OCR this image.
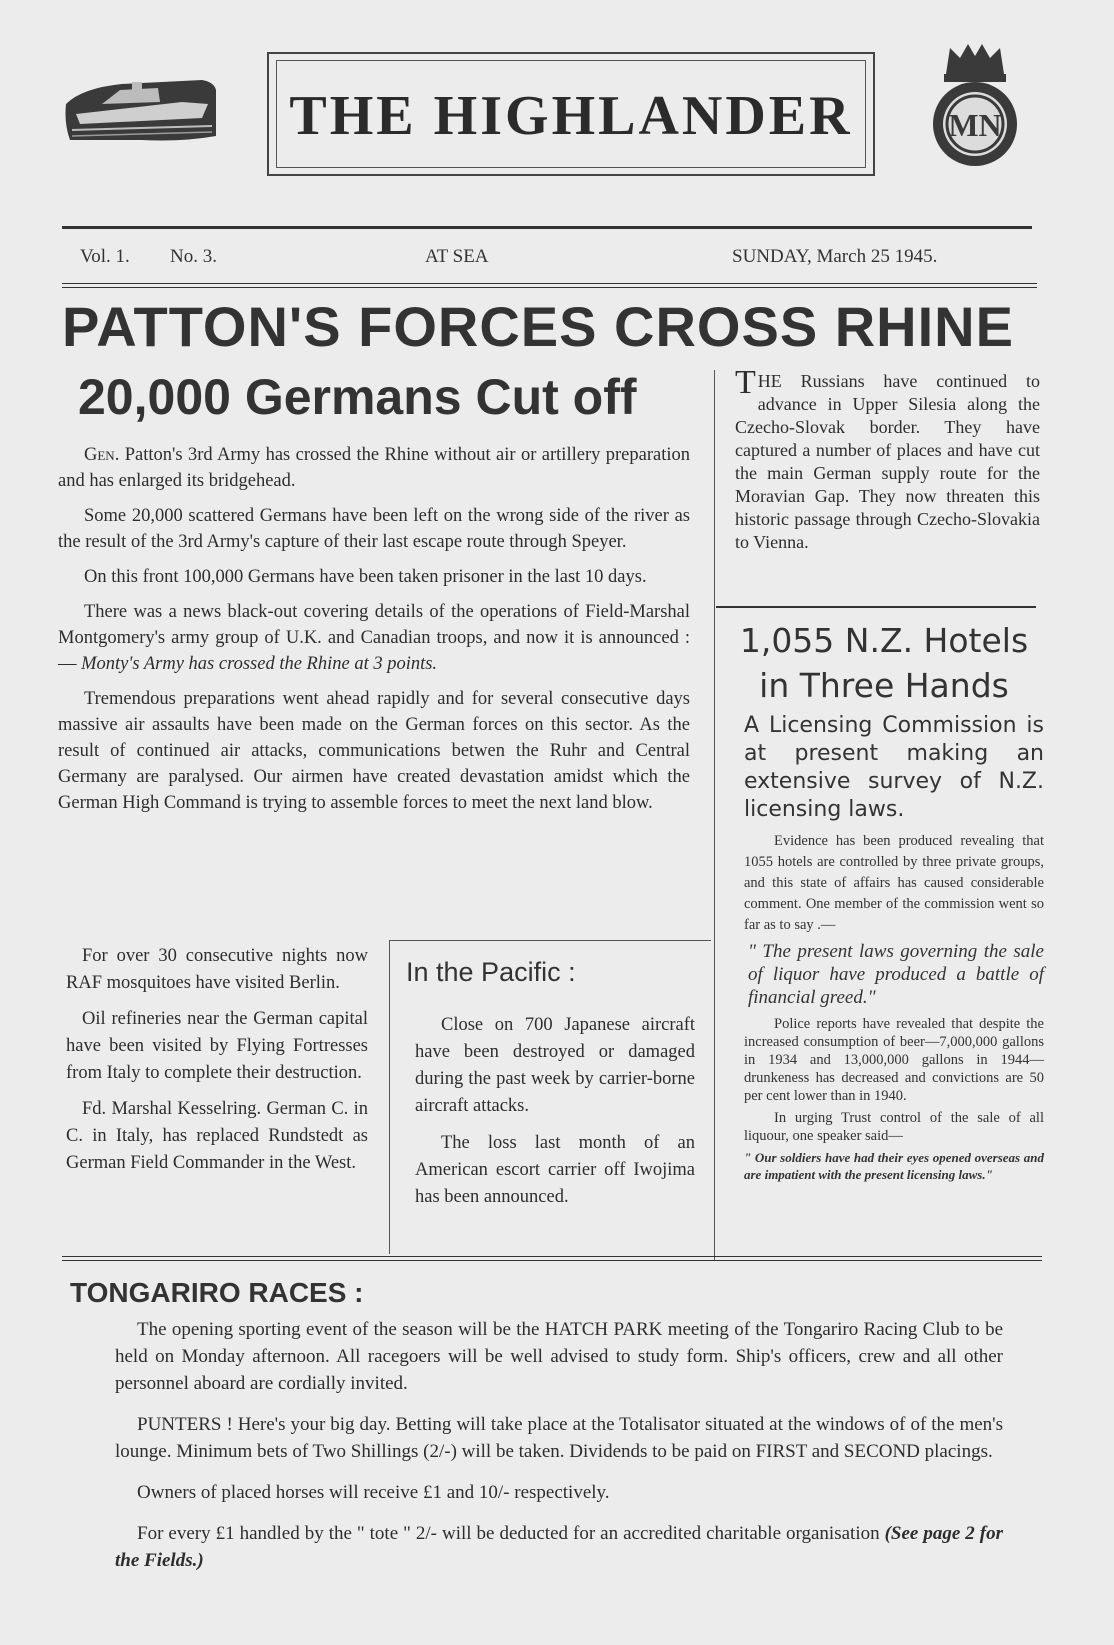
THE HIGHLANDER	MN
Vol. 1. No. 3.	AT SEA	SUNDAY, March 25 1945.
PATTON'S FORCES CROSS RHINE
20,000 Germans Cut off

Gen. Patton's 3rd Army has crossed the Rhine without air or artillery preparation and has enlarged its bridgehead.

Some 20,000 scattered Germans have been left on the wrong side of the river as the result of the 3rd Army's capture of their last escape route through Speyer.

On this front 100,000 Germans have been taken prisoner in the last 10 days.

There was a news black-out covering details of the operations of Field-Marshal Montgomery's army group of U.K. and Canadian troops, and now it is announced :— Monty's Army has crossed the Rhine at 3 points.

Tremendous preparations went ahead rapidly and for several consecutive days massive air assaults have been made on the German forces on this sector. As the result of continued air attacks, communications betwen the Ruhr and Central Germany are paralysed. Our airmen have created devastation amidst which the German High Command is trying to assemble forces to meet the next land blow.

THE Russians have continued to advance in Upper Silesia along the Czecho-Slovak border. They have captured a number of places and have cut the main German supply route for the Moravian Gap. They now threaten this historic passage through Czecho-Slovakia to Vienna.
1,055 N.Z. Hotels
in Three Hands
A Licensing Commission is at present making an extensive survey of N.Z. licensing laws.

Evidence has been produced revealing that 1055 hotels are controlled by three private groups, and this state of affairs has caused considerable comment. One member of the commission went so far as to say .—

" The present laws governing the sale of liquor have produced a battle of financial greed."

Police reports have revealed that despite the increased consumption of beer—7,000,000 gallons in 1934 and 13,000,000 gallons in 1944—drunkeness has decreased and convictions are 50 per cent lower than in 1940.

In urging Trust control of the sale of all liquour, one speaker said—

" Our soldiers have had their eyes opened overseas and are impatient with the present licensing laws."

For over 30 consecutive nights now RAF mosquitoes have visited Berlin.

Oil refineries near the German capital have been visited by Flying Fortresses from Italy to complete their destruction.

Fd. Marshal Kesselring. German C. in C. in Italy, has replaced Rundstedt as German Field Commander in the West.

In the Pacific :

Close on 700 Japanese aircraft have been destroyed or damaged during the past week by carrier-borne aircraft attacks.

The loss last month of an American escort carrier off Iwojima has been announced.

TONGARIRO RACES :

The opening sporting event of the season will be the HATCH PARK meeting of the Tongariro Racing Club to be held on Monday afternoon. All racegoers will be well advised to study form. Ship's officers, crew and all other personnel aboard are cordially invited.

PUNTERS ! Here's your big day. Betting will take place at the Totalisator situated at the windows of of the men's lounge. Minimum bets of Two Shillings (2/-) will be taken. Dividends to be paid on FIRST and SECOND placings.

Owners of placed horses will receive £1 and 10/- respectively.

For every £1 handled by the " tote " 2/- will be deducted for an accredited charitable organisation (See page 2 for the Fields.)
